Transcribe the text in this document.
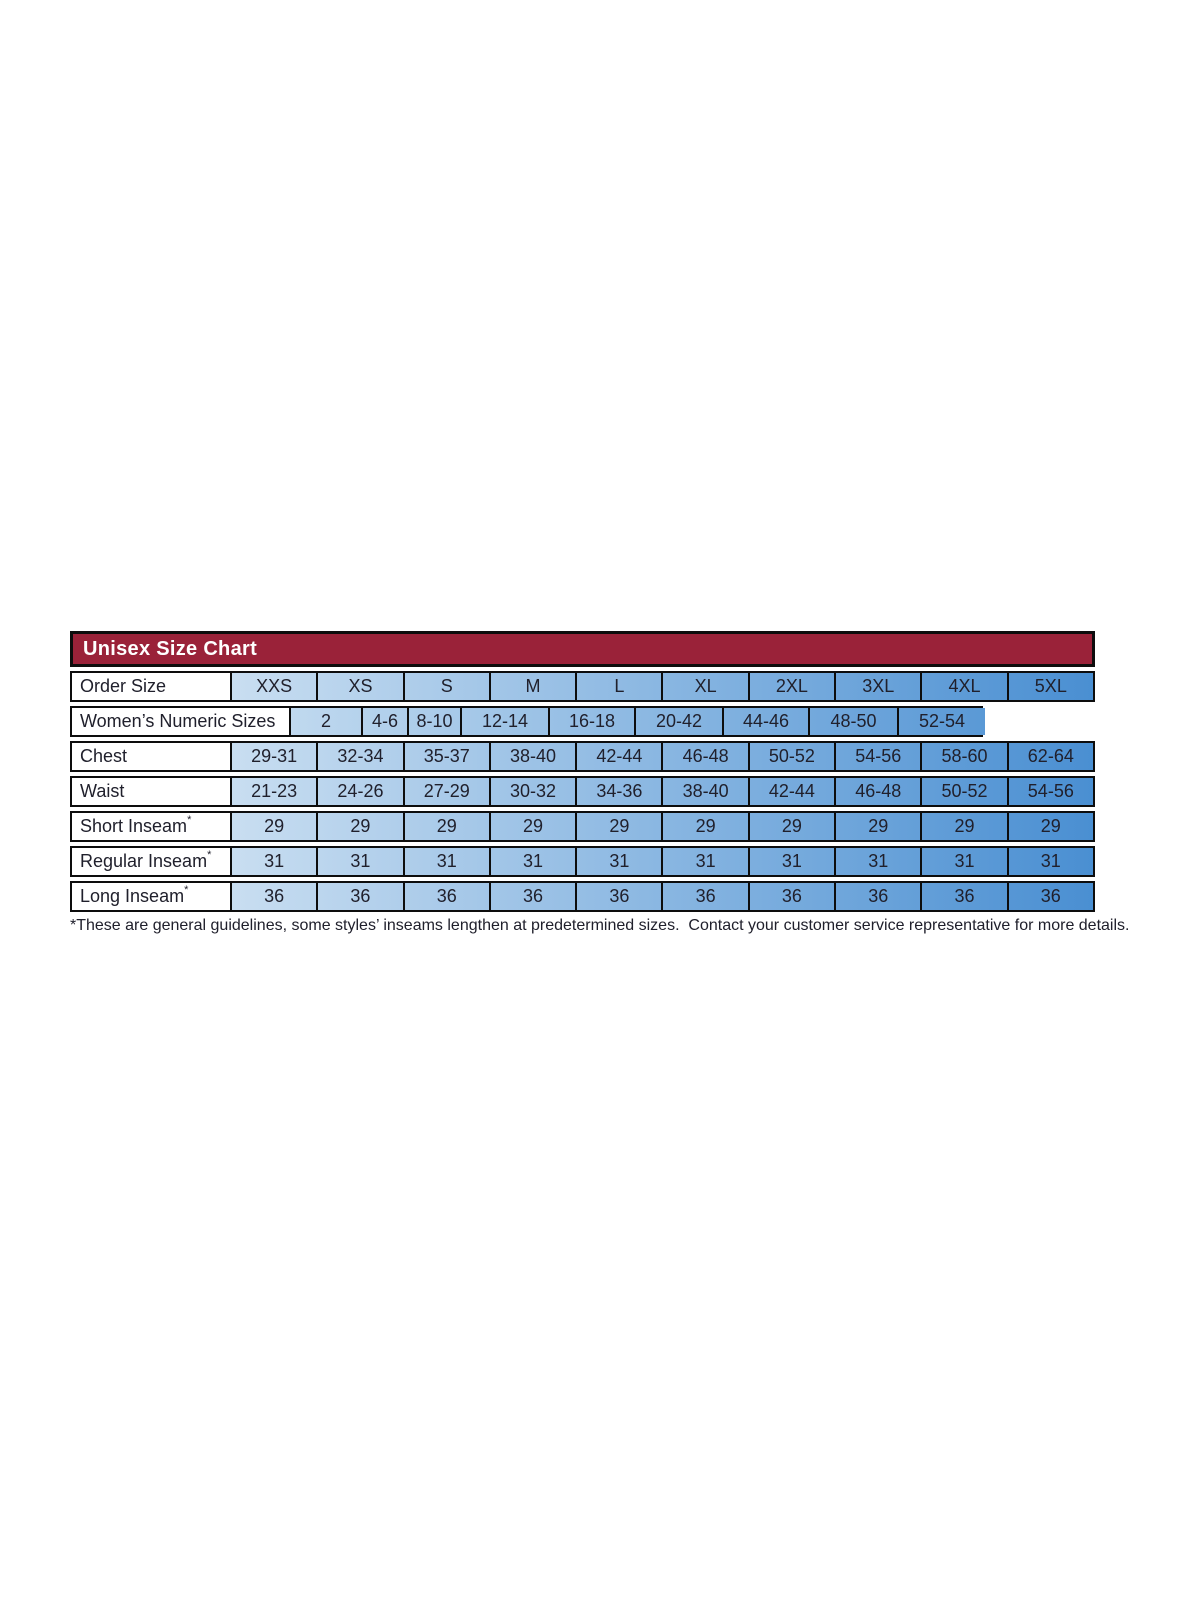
Unisex Size Chart
Order Size	XXS	XS	S	M	L	XL	2XL	3XL	4XL	5XL
Women’s Numeric Sizes	2	4-6	8-10	12-14	16-18	20-42	44-46	48-50	52-54
Chest	29-31	32-34	35-37	38-40	42-44	46-48	50-52	54-56	58-60	62-64
Waist	21-23	24-26	27-29	30-32	34-36	38-40	42-44	46-48	50-52	54-56
Short Inseam*	29	29	29	29	29	29	29	29	29	29
Regular Inseam*	31	31	31	31	31	31	31	31	31	31
Long Inseam*	36	36	36	36	36	36	36	36	36	36
*These are general guidelines, some styles’ inseams lengthen at predetermined sizes.  Contact your customer service representative for more details.
